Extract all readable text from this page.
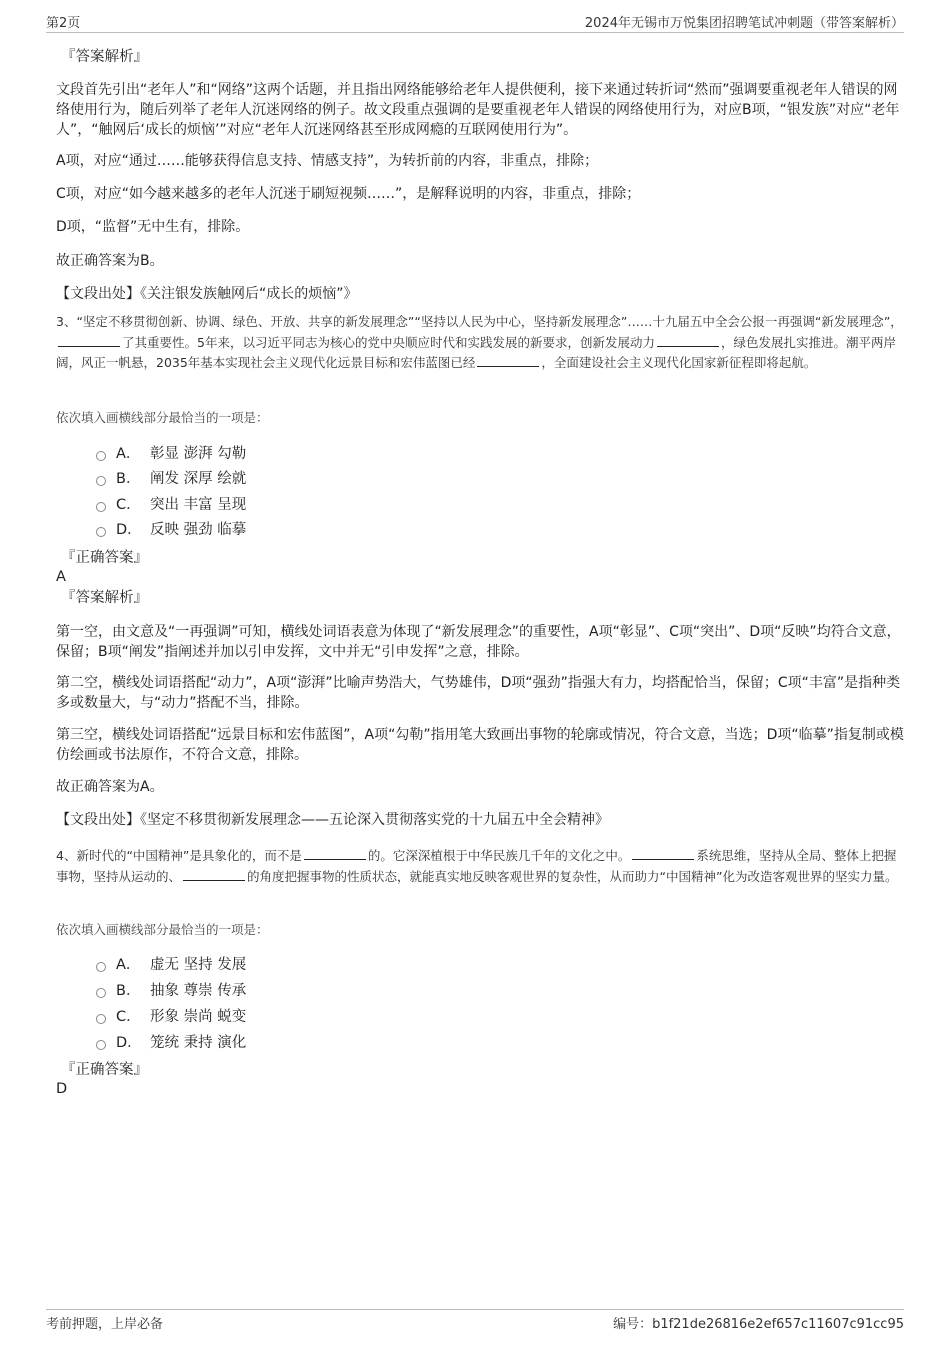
第2页	2024年无锡市万悦集团招聘笔试冲刺题（带答案解析）

『答案解析』

文段首先引出“老年人”和“网络”这两个话题，并且指出网络能够给老年人提供便利，接下来通过转折词“然而”强调要重视老年人错误的网络使用行为，随后列举了老年人沉迷网络的例子。故文段重点强调的是要重视老年人错误的网络使用行为，对应B项，“银发族”对应“老年人”，“触网后‘成长的烦恼’”对应“老年人沉迷网络甚至形成网瘾的互联网使用行为”。

A项，对应“通过……能够获得信息支持、情感支持”，为转折前的内容，非重点，排除；

C项，对应“如今越来越多的老年人沉迷于刷短视频……”，是解释说明的内容，非重点，排除；

D项，“监督”无中生有，排除。

故正确答案为B。

【文段出处】《关注银发族触网后“成长的烦恼”》

3、“坚定不移贯彻创新、协调、绿色、开放、共享的新发展理念”“坚持以人民为中心，坚持新发展理念”……十九届五中全会公报一再强调“新发展理念”，了其重要性。5年来，以习近平同志为核心的党中央顺应时代和实践发展的新要求，创新发展动力	，绿色发展扎实推进。潮平两岸阔，风正一帆悬，2035年基本实现社会主义现代化远景目标和宏伟蓝图已经	，全面建设社会主义现代化国家新征程即将起航。

依次填入画横线部分最恰当的一项是：

A． 彰显 澎湃 勾勒
B． 阐发 深厚 绘就
C． 突出 丰富 呈现
D． 反映 强劲 临摹

『正确答案』

A

『答案解析』

第一空，由文意及“一再强调”可知，横线处词语表意为体现了“新发展理念”的重要性，A项“彰显”、C项“突出”、D项“反映”均符合文意，保留；B项“阐发”指阐述并加以引申发挥，文中并无“引申发挥”之意，排除。

第二空，横线处词语搭配“动力”，A项“澎湃”比喻声势浩大，气势雄伟，D项“强劲”指强大有力，均搭配恰当，保留；C项“丰富”是指种类多或数量大，与“动力”搭配不当，排除。

第三空，横线处词语搭配“远景目标和宏伟蓝图”，A项“勾勒”指用笔大致画出事物的轮廓或情况，符合文意，当选；D项“临摹”指复制或模仿绘画或书法原作，不符合文意，排除。

故正确答案为A。

【文段出处】《坚定不移贯彻新发展理念——五论深入贯彻落实党的十九届五中全会精神》

4、新时代的“中国精神”是具象化的，而不是	的。它深深植根于中华民族几千年的文化之中。	系统思维，坚持从全局、整体上把握事物，坚持从运动的、	的角度把握事物的性质状态，就能真实地反映客观世界的复杂性，从而助力“中国精神”化为改造客观世界的坚实力量。

依次填入画横线部分最恰当的一项是：

A． 虚无 坚持 发展
B． 抽象 尊崇 传承
C． 形象 崇尚 蜕变
D． 笼统 秉持 演化

『正确答案』

D

考前押题，上岸必备	编号：b1f21de26816e2ef657c11607c91cc95
